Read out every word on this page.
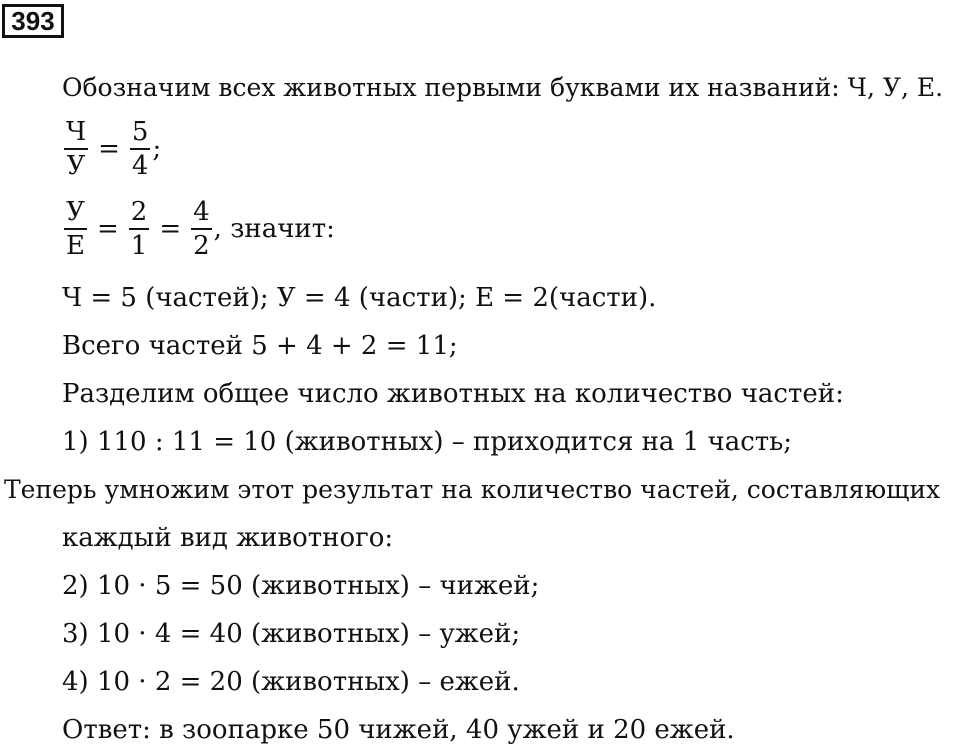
393
Обозначим всех животных первыми буквами их названий: Ч, У, Е.
$\frac{Ч}{У} = \frac{5}{4}$ ;
$\frac{У}{Е} = \frac{2}{1} = \frac{4}{2}$ , значит:
Ч = 5 (частей); У = 4 (части); Е = 2(части).
Всего частей 5 + 4 + 2 = 11;
Разделим общее число животных на количество частей:
1) 110 : 11 = 10 (животных) – приходится на 1 часть;
Теперь умножим этот результат на количество частей, составляющих
каждый вид животного:
2) 10 · 5 = 50 (животных) – чижей;
3) 10 · 4 = 40 (животных) – ужей;
4) 10 · 2 = 20 (животных) – ежей.
Ответ: в зоопарке 50 чижей, 40 ужей и 20 ежей.
